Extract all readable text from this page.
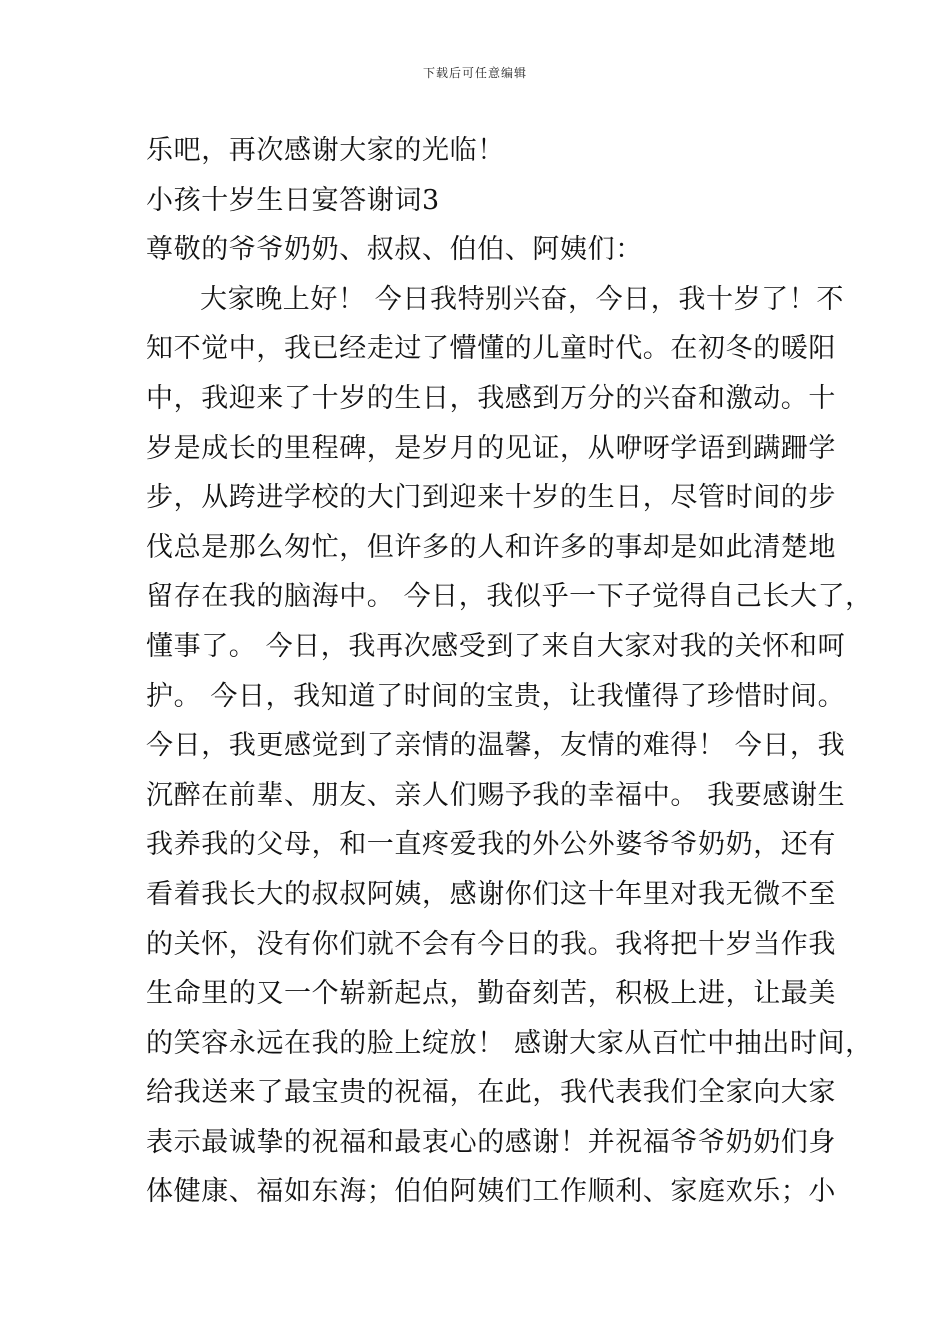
下载后可任意编辑
乐吧，再次感谢大家的光临！
小孩十岁生日宴答谢词3
尊敬的爷爷奶奶、叔叔、伯伯、阿姨们：
大家晚上好！ 今日我特别兴奋，今日，我十岁了！不
知不觉中，我已经走过了懵懂的儿童时代。在初冬的暖阳
中，我迎来了十岁的生日，我感到万分的兴奋和激动。十
岁是成长的里程碑，是岁月的见证，从咿呀学语到蹒跚学
步，从跨进学校的大门到迎来十岁的生日，尽管时间的步
伐总是那么匆忙，但许多的人和许多的事却是如此清楚地
留存在我的脑海中。 今日，我似乎一下子觉得自己长大了，
懂事了。 今日，我再次感受到了来自大家对我的关怀和呵
护。 今日，我知道了时间的宝贵，让我懂得了珍惜时间。
今日，我更感觉到了亲情的温馨，友情的难得！ 今日，我
沉醉在前辈、朋友、亲人们赐予我的幸福中。 我要感谢生
我养我的父母，和一直疼爱我的外公外婆爷爷奶奶，还有
看着我长大的叔叔阿姨，感谢你们这十年里对我无微不至
的关怀，没有你们就不会有今日的我。我将把十岁当作我
生命里的又一个崭新起点，勤奋刻苦，积极上进，让最美
的笑容永远在我的脸上绽放！ 感谢大家从百忙中抽出时间，
给我送来了最宝贵的祝福，在此，我代表我们全家向大家
表示最诚挚的祝福和最衷心的感谢！并祝福爷爷奶奶们身
体健康、福如东海；伯伯阿姨们工作顺利、家庭欢乐；小
